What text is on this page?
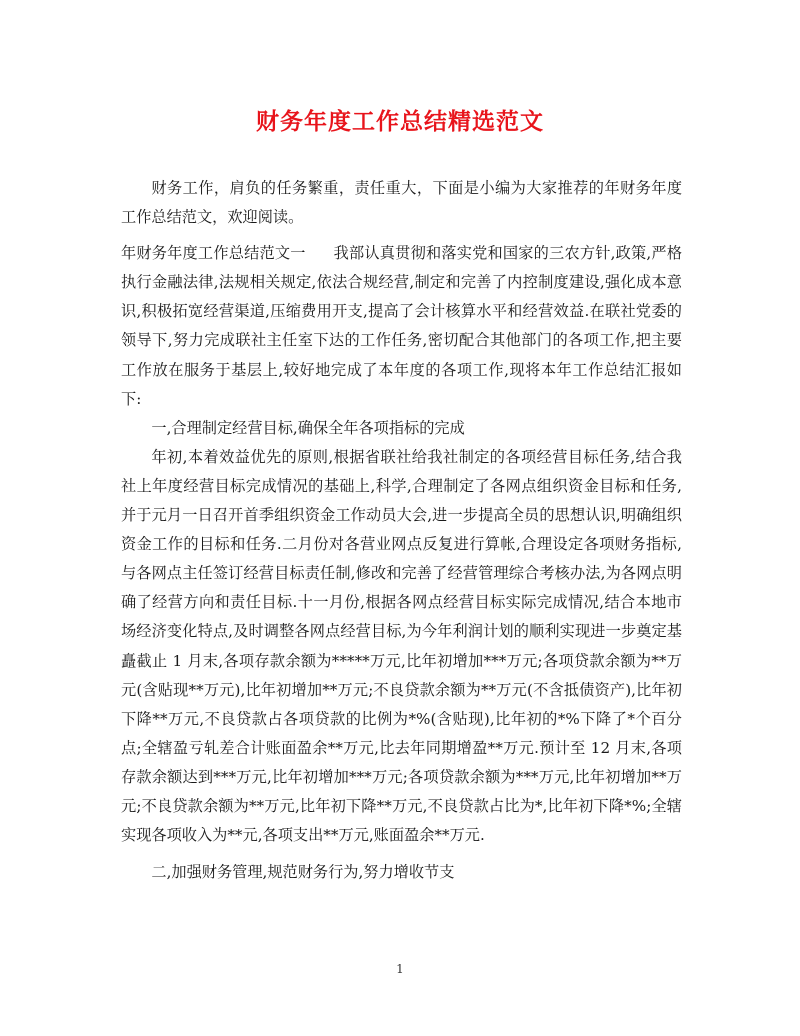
财务年度工作总结精选范文

财务工作，肩负的任务繁重，责任重大，下面是小编为大家推荐的年财务年度工作总结范文，欢迎阅读。

年财务年度工作总结范文一 我部认真贯彻和落实党和国家的三农方针,政策,严格执行金融法律,法规相关规定,依法合规经营,制定和完善了内控制度建设,强化成本意识,积极拓宽经营渠道,压缩费用开支,提高了会计核算水平和经营效益.在联社党委的领导下,努力完成联社主任室下达的工作任务,密切配合其他部门的各项工作,把主要工作放在服务于基层上,较好地完成了本年度的各项工作,现将本年工作总结汇报如下:

一,合理制定经营目标,确保全年各项指标的完成

年初,本着效益优先的原则,根据省联社给我社制定的各项经营目标任务,结合我社上年度经营目标完成情况的基础上,科学,合理制定了各网点组织资金目标和任务,并于元月一日召开首季组织资金工作动员大会,进一步提高全员的思想认识,明确组织资金工作的目标和任务.二月份对各营业网点反复进行算帐,合理设定各项财务指标,与各网点主任签订经营目标责任制,修改和完善了经营管理综合考核办法,为各网点明确了经营方向和责任目标.十一月份,根据各网点经营目标实际完成情况,结合本地市场经济变化特点,及时调整各网点经营目标,为今年利润计划的顺利实现进一步奠定基矗截止 1 月末,各项存款余额为*****万元,比年初增加***万元;各项贷款余额为**万元(含贴现**万元),比年初增加**万元;不良贷款余额为**万元(不含抵债资产),比年初下降**万元,不良贷款占各项贷款的比例为*%(含贴现),比年初的*%下降了*个百分点;全辖盈亏轧差合计账面盈余**万元,比去年同期增盈**万元.预计至 12 月末,各项存款余额达到***万元,比年初增加***万元;各项贷款余额为***万元,比年初增加**万元;不良贷款余额为**万元,比年初下降**万元,不良贷款占比为*,比年初下降*%;全辖实现各项收入为**元,各项支出**万元,账面盈余**万元.

二,加强财务管理,规范财务行为,努力增收节支

1
